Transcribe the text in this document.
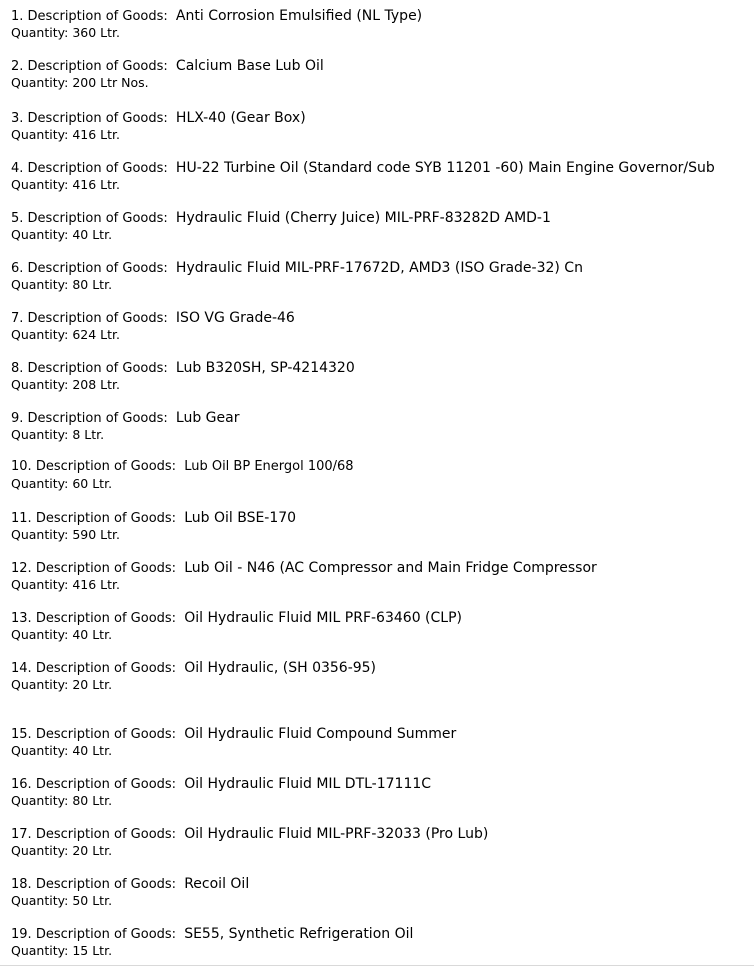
1. Description of Goods: Anti Corrosion Emulsified (NL Type)
Quantity: 360 Ltr.
2. Description of Goods: Calcium Base Lub Oil
Quantity: 200 Ltr Nos.
3. Description of Goods: HLX-40 (Gear Box)
Quantity: 416 Ltr.
4. Description of Goods: HU-22 Turbine Oil (Standard code SYB 11201 -60) Main Engine Governor/Sub
Quantity: 416 Ltr.
5. Description of Goods: Hydraulic Fluid (Cherry Juice) MIL-PRF-83282D AMD-1
Quantity: 40 Ltr.
6. Description of Goods: Hydraulic Fluid MIL-PRF-17672D, AMD3 (ISO Grade-32) Cn
Quantity: 80 Ltr.
7. Description of Goods: ISO VG Grade-46
Quantity: 624 Ltr.
8. Description of Goods: Lub B320SH, SP-4214320
Quantity: 208 Ltr.
9. Description of Goods: Lub Gear
Quantity: 8 Ltr.
10. Description of Goods: Lub Oil BP Energol 100/68
Quantity: 60 Ltr.
11. Description of Goods: Lub Oil BSE-170
Quantity: 590 Ltr.
12. Description of Goods: Lub Oil - N46 (AC Compressor and Main Fridge Compressor
Quantity: 416 Ltr.
13. Description of Goods: Oil Hydraulic Fluid MIL PRF-63460 (CLP)
Quantity: 40 Ltr.
14. Description of Goods: Oil Hydraulic, (SH 0356-95)
Quantity: 20 Ltr.
15. Description of Goods: Oil Hydraulic Fluid Compound Summer
Quantity: 40 Ltr.
16. Description of Goods: Oil Hydraulic Fluid MIL DTL-17111C
Quantity: 80 Ltr.
17. Description of Goods: Oil Hydraulic Fluid MIL-PRF-32033 (Pro Lub)
Quantity: 20 Ltr.
18. Description of Goods: Recoil Oil
Quantity: 50 Ltr.
19. Description of Goods: SE55, Synthetic Refrigeration Oil
Quantity: 15 Ltr.
